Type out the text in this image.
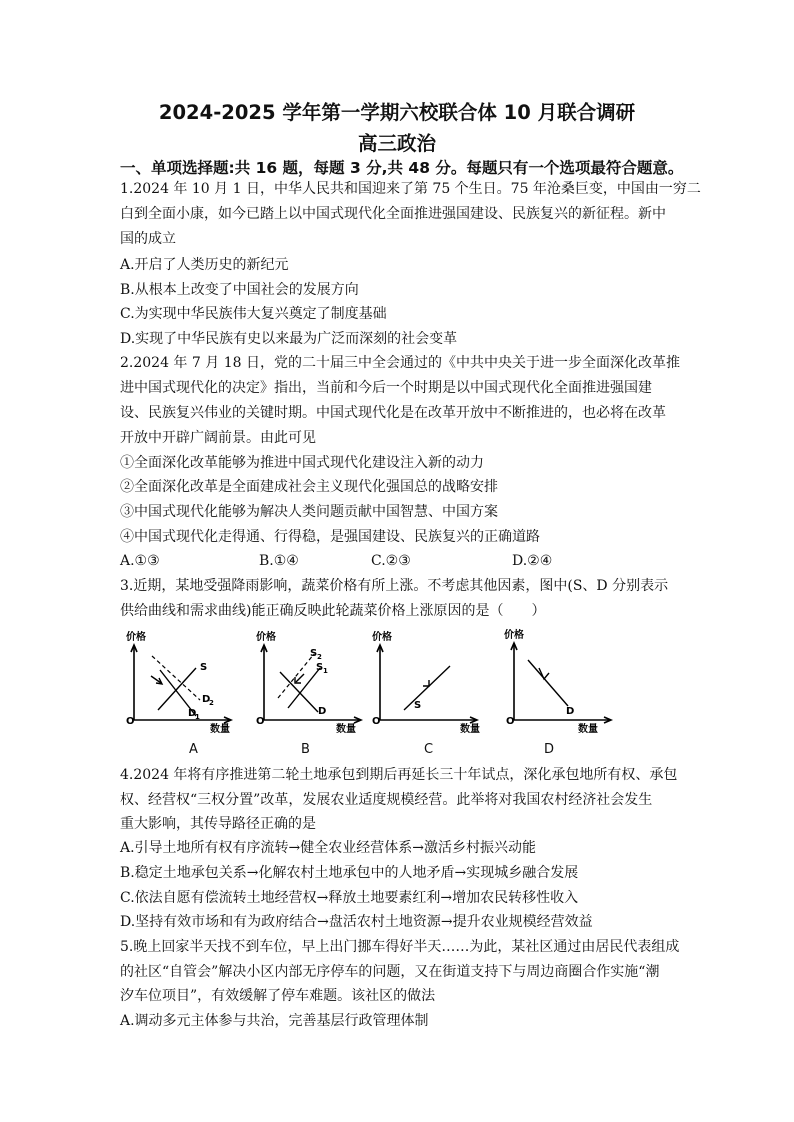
2024-2025 学年第一学期六校联合体 10 月联合调研
高三政治
一、单项选择题:共 16 题，每题 3 分,共 48 分。每题只有一个选项最符合题意。
1.2024 年 10 月 1 日，中华人民共和国迎来了第 75 个生日。75 年沧桑巨变，中国由一穷二
白到全面小康，如今已踏上以中国式现代化全面推进强国建设、民族复兴的新征程。新中
国的成立
A.开启了人类历史的新纪元
B.从根本上改变了中国社会的发展方向
C.为实现中华民族伟大复兴奠定了制度基础
D.实现了中华民族有史以来最为广泛而深刻的社会变革
2.2024 年 7 月 18 日，党的二十届三中全会通过的《中共中央关于进一步全面深化改革推
进中国式现代化的决定》指出，当前和今后一个时期是以中国式现代化全面推进强国建
设、民族复兴伟业的关键时期。中国式现代化是在改革开放中不断推进的，也必将在改革
开放中开辟广阔前景。由此可见
①全面深化改革能够为推进中国式现代化建设注入新的动力
②全面深化改革是全面建成社会主义现代化强国总的战略安排
③中国式现代化能够为解决人类问题贡献中国智慧、中国方案
④中国式现代化走得通、行得稳，是强国建设、民族复兴的正确道路
A.①③	B.①④	C.②③	D.②④
3.近期，某地受强降雨影响，蔬菜价格有所上涨。不考虑其他因素，图中(S、D 分别表示
供给曲线和需求曲线)能正确反映此轮蔬菜价格上涨原因的是（　　）
价格
O
数量
S
D
2
D
1
A
价格
O
数量
D
S 2
S 1
B
价格
O
数量
S
C
价格
O
数量
D
D
4.2024 年将有序推进第二轮土地承包到期后再延长三十年试点，深化承包地所有权、承包
权、经营权“三权分置”改革，发展农业适度规模经营。此举将对我国农村经济社会发生
重大影响，其传导路径正确的是
A.引导土地所有权有序流转→健全农业经营体系→激活乡村振兴动能
B.稳定土地承包关系→化解农村土地承包中的人地矛盾→实现城乡融合发展
C.依法自愿有偿流转土地经营权→释放土地要素红利→增加农民转移性收入
D.坚持有效市场和有为政府结合→盘活农村土地资源→提升农业规模经营效益
5.晚上回家半天找不到车位，早上出门挪车得好半天……为此，某社区通过由居民代表组成
的社区“自管会”解决小区内部无序停车的问题，又在街道支持下与周边商圈合作实施“潮
汐车位项目”，有效缓解了停车难题。该社区的做法
A.调动多元主体参与共治，完善基层行政管理体制
